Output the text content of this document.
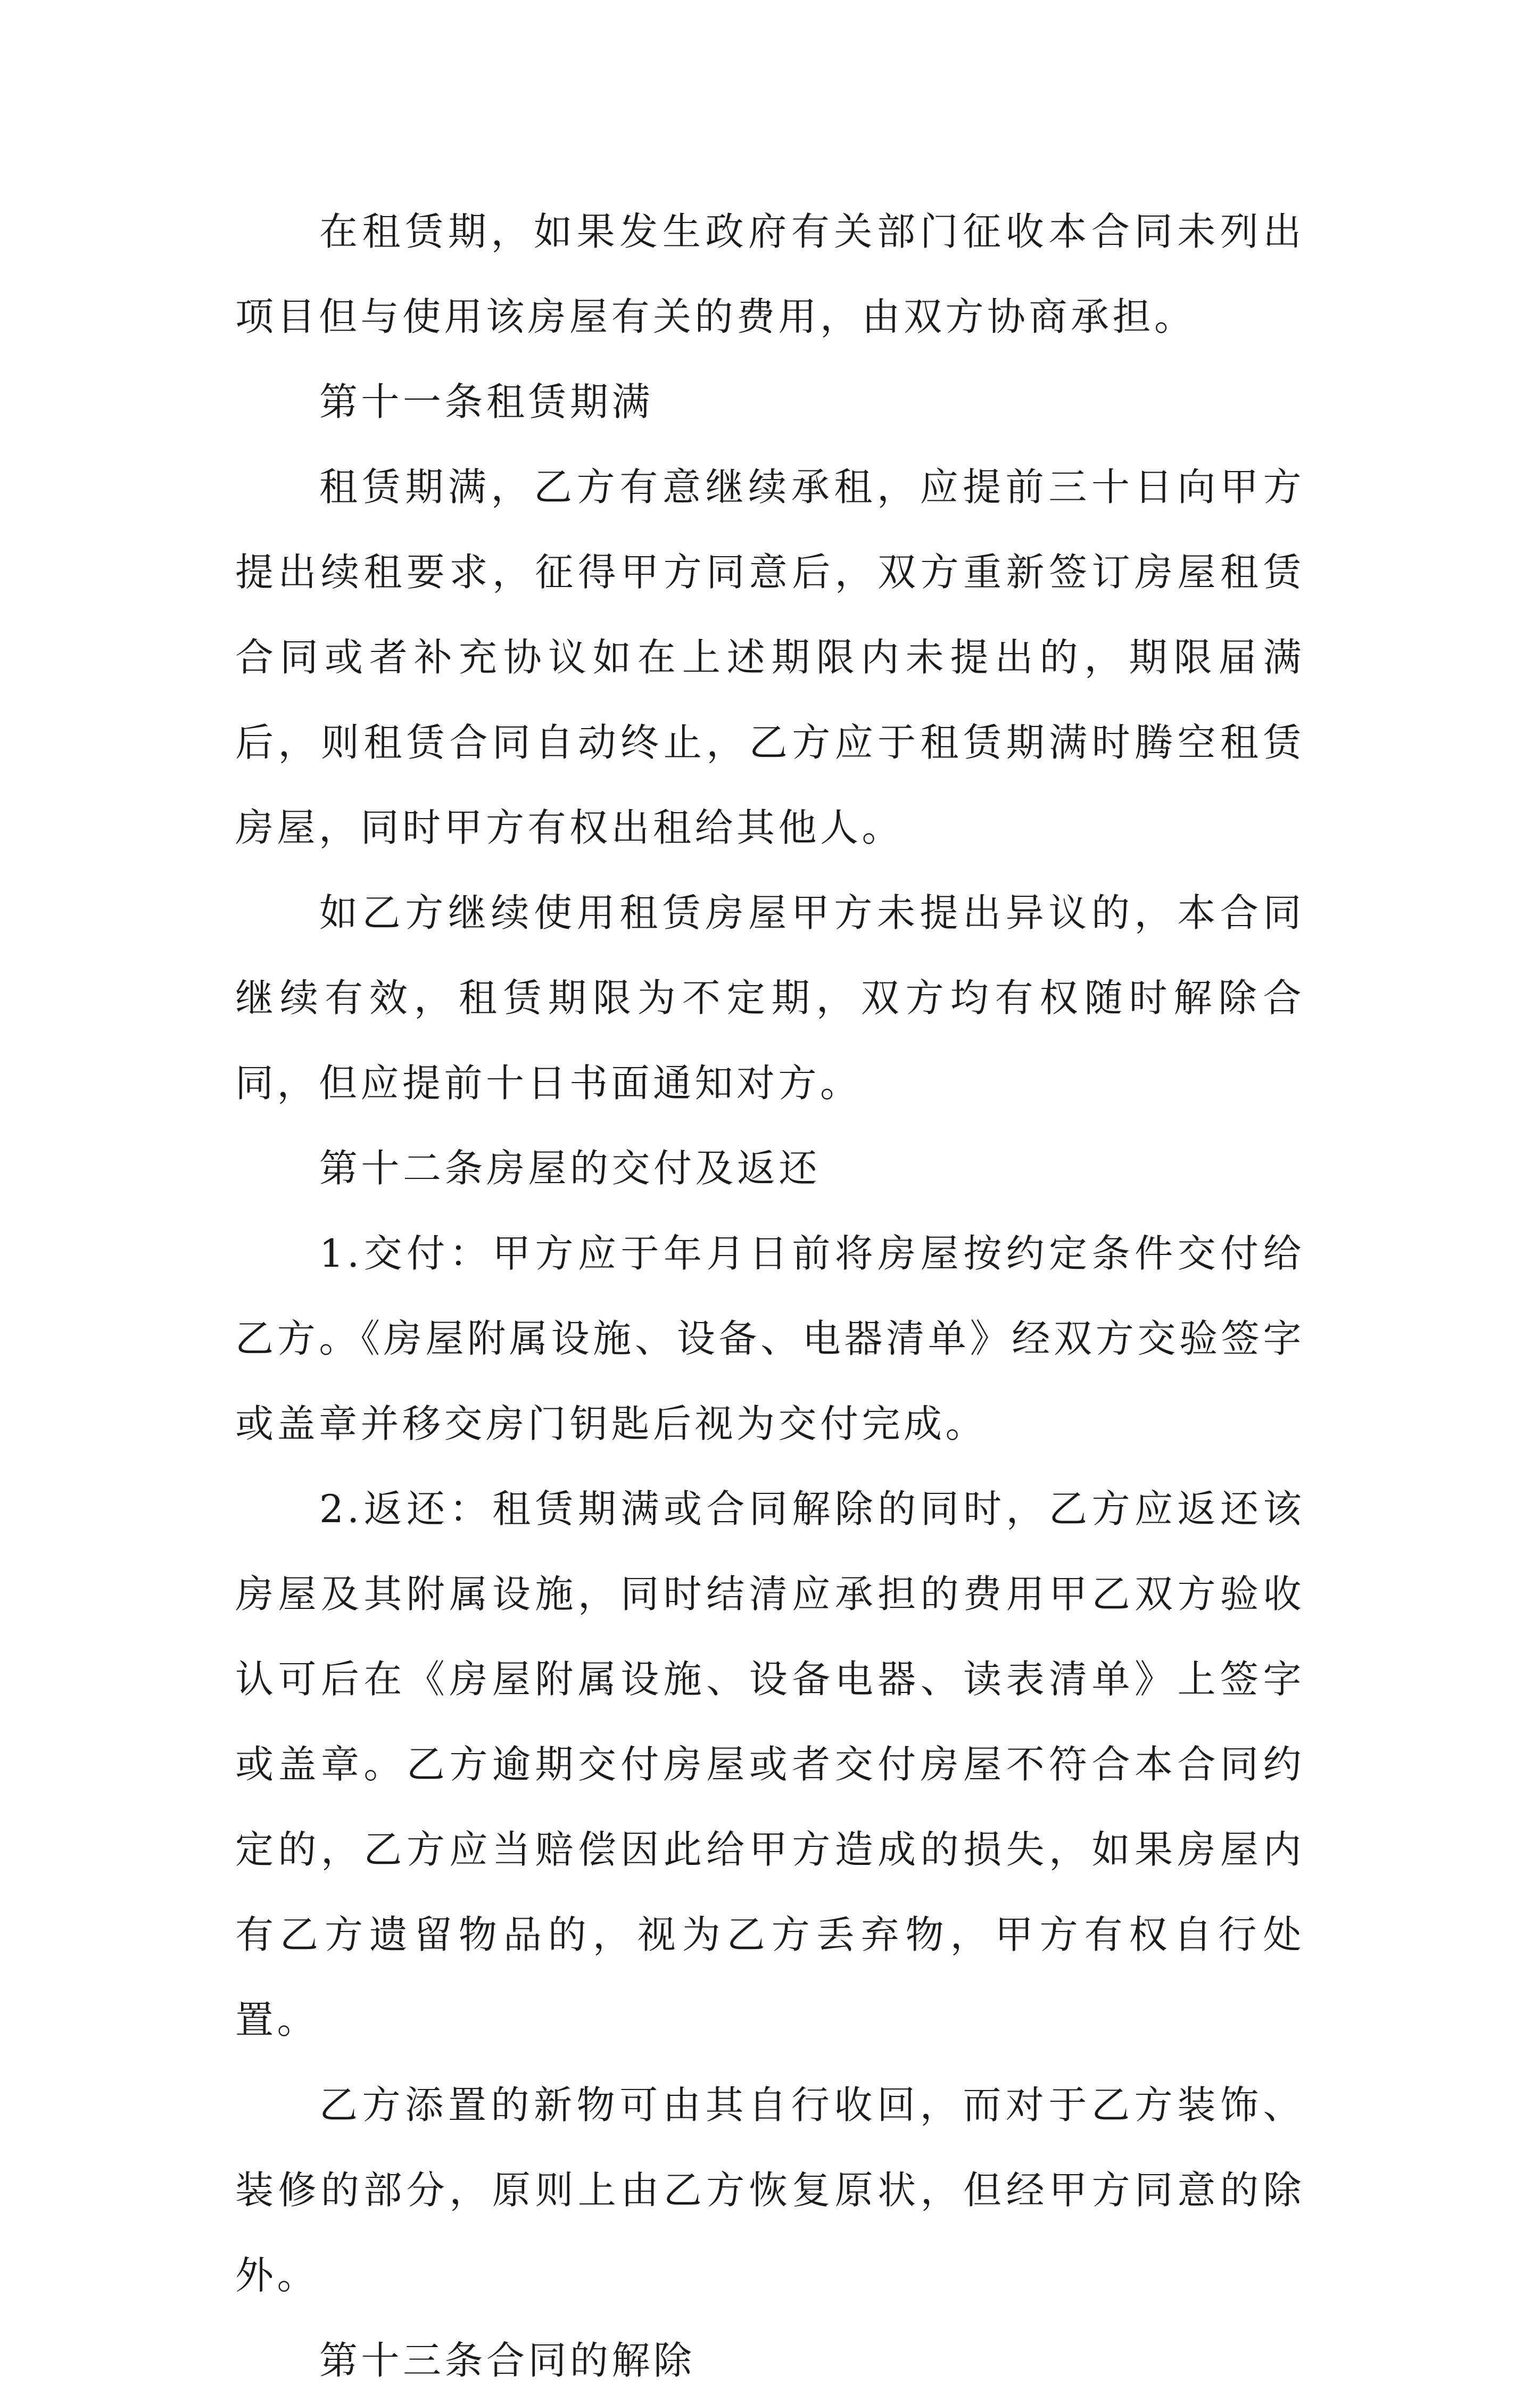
在租赁期，如果发生政府有关部门征收本合同未列出项目但与使用该房屋有关的费用，由双方协商承担。

第十一条租赁期满

租赁期满，乙方有意继续承租，应提前三十日向甲方提出续租要求，征得甲方同意后，双方重新签订房屋租赁合同或者补充协议如在上述期限内未提出的，期限届满后，则租赁合同自动终止，乙方应于租赁期满时腾空租赁房屋，同时甲方有权出租给其他人。

如乙方继续使用租赁房屋甲方未提出异议的，本合同继续有效，租赁期限为不定期，双方均有权随时解除合同，但应提前十日书面通知对方。

第十二条房屋的交付及返还

1.交付：甲方应于年月日前将房屋按约定条件交付给乙方。《房屋附属设施、设备、电器清单》经双方交验签字或盖章并移交房门钥匙后视为交付完成。

2.返还：租赁期满或合同解除的同时，乙方应返还该房屋及其附属设施，同时结清应承担的费用甲乙双方验收认可后在《房屋附属设施、设备电器、读表清单》上签字或盖章。乙方逾期交付房屋或者交付房屋不符合本合同约定的，乙方应当赔偿因此给甲方造成的损失，如果房屋内有乙方遗留物品的，视为乙方丢弃物，甲方有权自行处置。

乙方添置的新物可由其自行收回，而对于乙方装饰、装修的部分，原则上由乙方恢复原状，但经甲方同意的除外。

第十三条合同的解除
